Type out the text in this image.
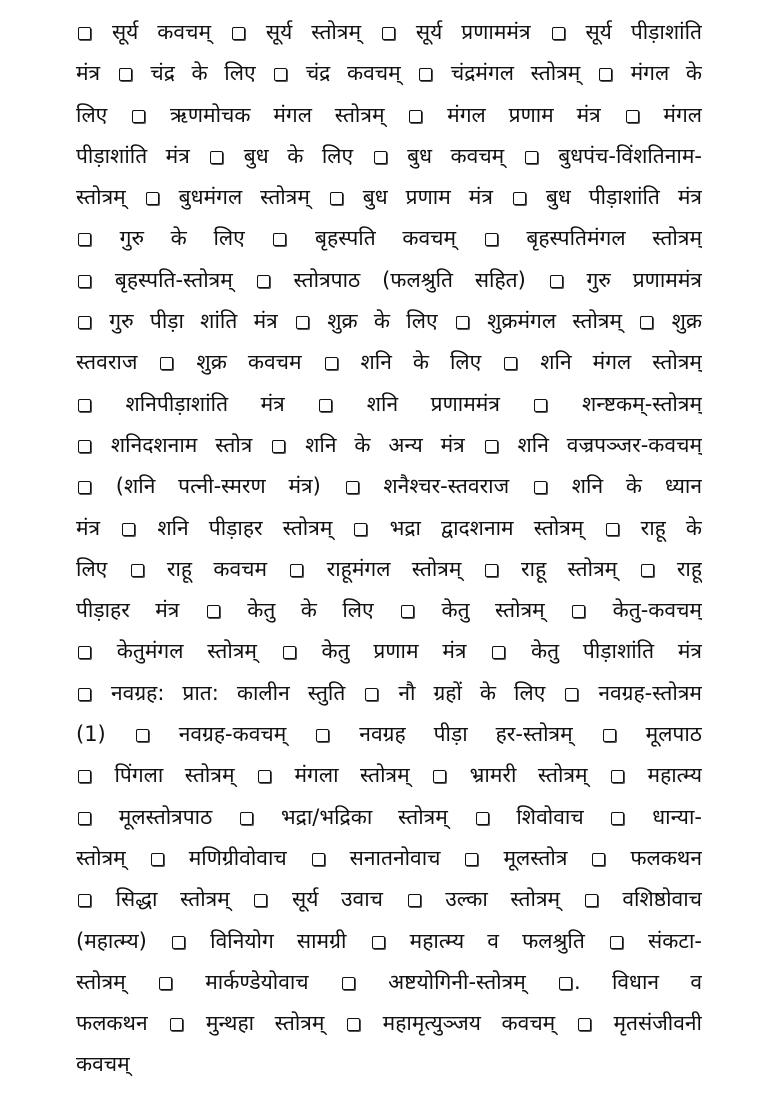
सूर्य कवचम्  सूर्य स्तोत्रम्  सूर्य प्रणाममंत्र  सूर्य पीड़ाशांति
मंत्र  चंद्र के लिए  चंद्र कवचम्  चंद्रमंगल स्तोत्रम्  मंगल के
लिए  ऋणमोचक मंगल स्तोत्रम्  मंगल प्रणाम मंत्र  मंगल
पीड़ाशांति मंत्र  बुध के लिए  बुध कवचम्  बुधपंच-विंशतिनाम-
स्तोत्रम्  बुधमंगल स्तोत्रम्  बुध प्रणाम मंत्र  बुध पीड़ाशांति मंत्र
गुरु के लिए  बृहस्पति कवचम्  बृहस्पतिमंगल स्तोत्रम्
बृहस्पति-स्तोत्रम्  स्तोत्रपाठ (फलश्रुति सहित)  गुरु प्रणाममंत्र
गुरु पीड़ा शांति मंत्र  शुक्र के लिए  शुक्रमंगल स्तोत्रम्  शुक्र
स्तवराज  शुक्र कवचम  शनि के लिए  शनि मंगल स्तोत्रम्
शनिपीड़ाशांति मंत्र  शनि प्रणाममंत्र  शन्ष्टकम्-स्तोत्रम्
शनिदशनाम स्तोत्र  शनि के अन्य मंत्र  शनि वज्रपञ्जर-कवचम्
(शनि पत्नी-स्मरण मंत्र)  शनैश्चर-स्तवराज  शनि के ध्यान
मंत्र  शनि पीड़ाहर स्तोत्रम्  भद्रा द्वादशनाम स्तोत्रम्  राहू के
लिए  राहू कवचम  राहूमंगल स्तोत्रम्  राहू स्तोत्रम्  राहू
पीड़ाहर मंत्र  केतु के लिए  केतु स्तोत्रम्  केतु-कवचम्
केतुमंगल स्तोत्रम्  केतु प्रणाम मंत्र  केतु पीड़ाशांति मंत्र
नवग्रह: प्रात: कालीन स्तुति  नौ ग्रहों के लिए  नवग्रह-स्तोत्रम
(1)  नवग्रह-कवचम्  नवग्रह पीड़ा हर-स्तोत्रम्  मूलपाठ
पिंगला स्तोत्रम्  मंगला स्तोत्रम्  भ्रामरी स्तोत्रम्  महात्म्य
मूलस्तोत्रपाठ  भद्रा/भद्रिका स्तोत्रम्  शिवोवाच  धान्या-
स्तोत्रम्  मणिग्रीवोवाच  सनातनोवाच  मूलस्तोत्र  फलकथन
सिद्धा स्तोत्रम्  सूर्य उवाच  उल्का स्तोत्रम्  वशिष्ठोवाच
(महात्म्य)  विनियोग सामग्री  महात्म्य व फलश्रुति  संकटा-
स्तोत्रम्  मार्कण्डेयोवाच  अष्टयोगिनी-स्तोत्रम् . विधान व
फलकथन  मुन्थहा स्तोत्रम्  महामृत्युञ्जय कवचम्  मृतसंजीवनी
कवचम्
